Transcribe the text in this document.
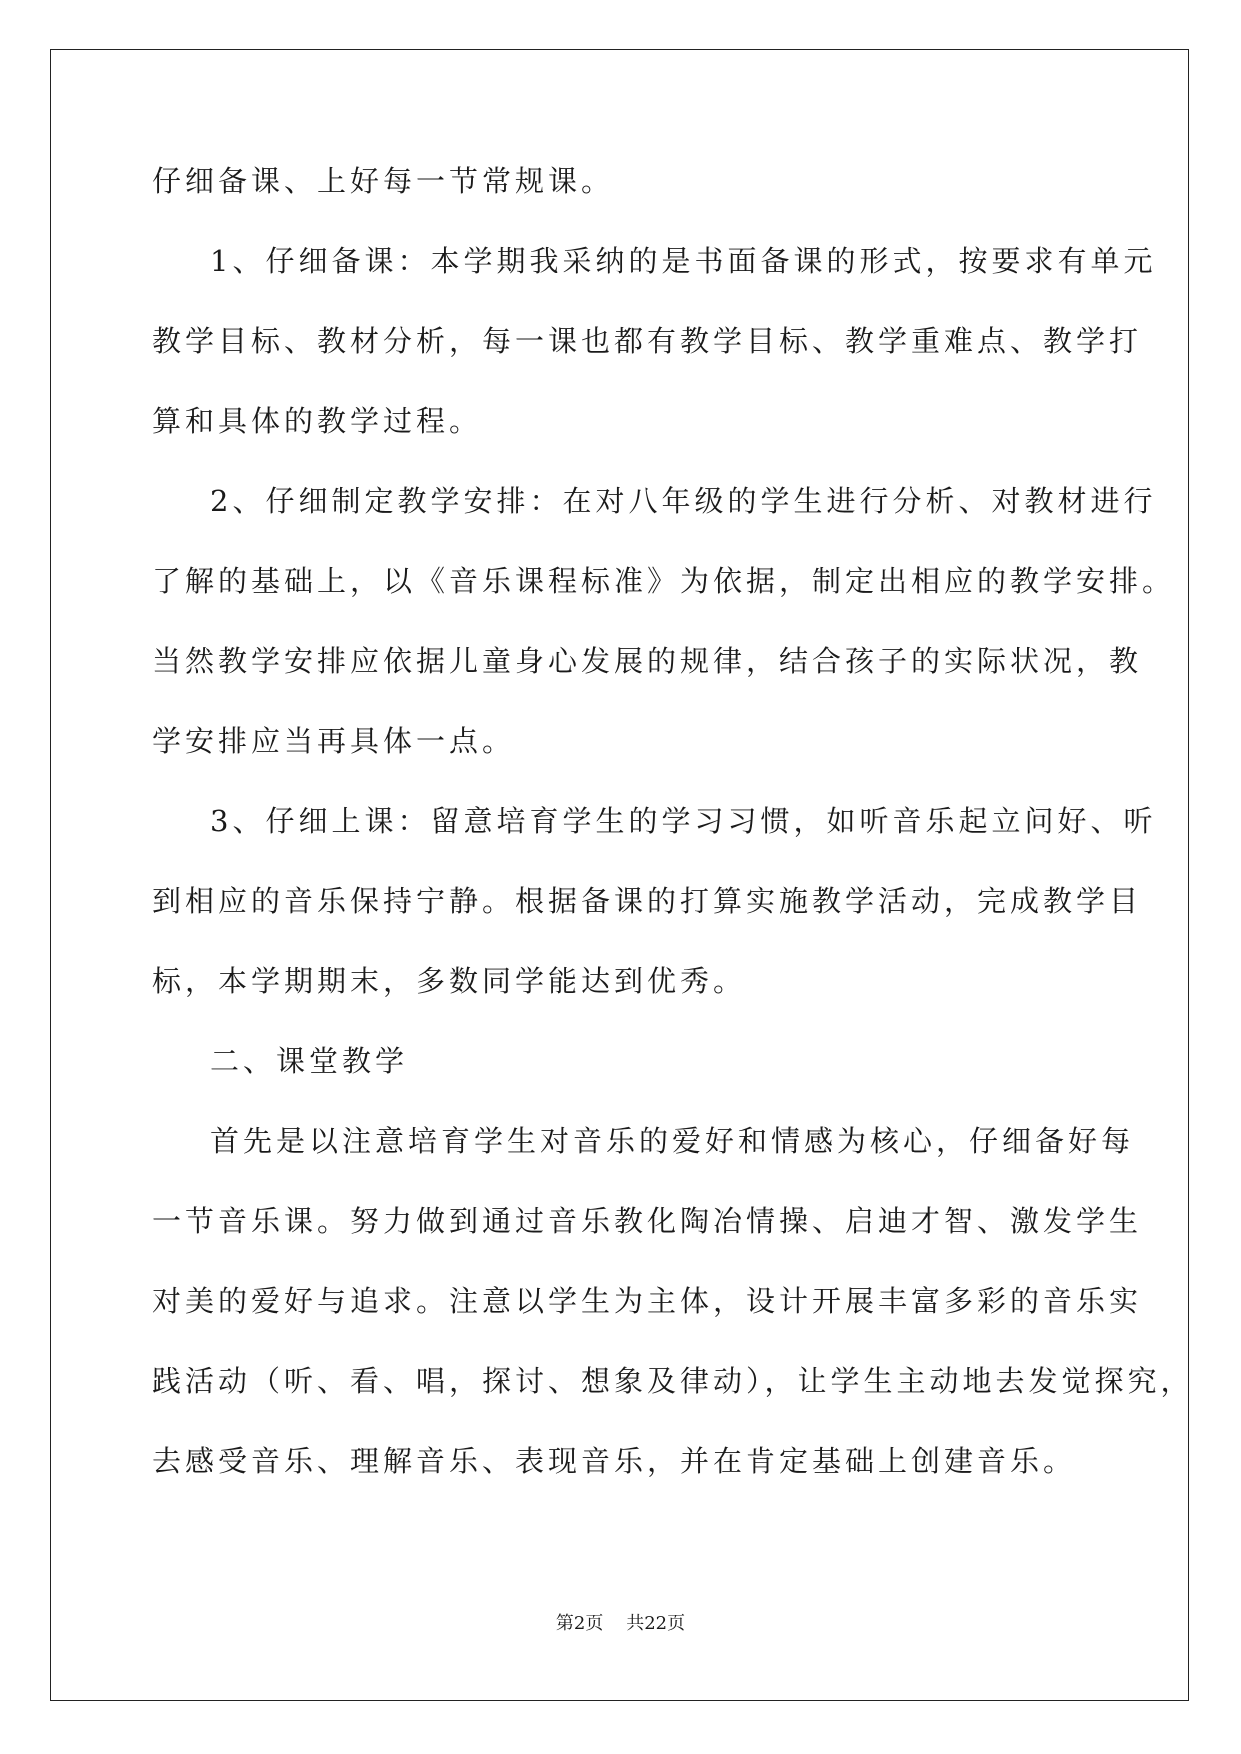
仔细备课、上好每一节常规课。
1、仔细备课：本学期我采纳的是书面备课的形式，按要求有单元
教学目标、教材分析，每一课也都有教学目标、教学重难点、教学打
算和具体的教学过程。
2、仔细制定教学安排：在对八年级的学生进行分析、对教材进行
了解的基础上，以《音乐课程标准》为依据，制定出相应的教学安排。
当然教学安排应依据儿童身心发展的规律，结合孩子的实际状况，教
学安排应当再具体一点。
3、仔细上课：留意培育学生的学习习惯，如听音乐起立问好、听
到相应的音乐保持宁静。根据备课的打算实施教学活动，完成教学目
标，本学期期末，多数同学能达到优秀。
二、课堂教学
首先是以注意培育学生对音乐的爱好和情感为核心，仔细备好每
一节音乐课。努力做到通过音乐教化陶冶情操、启迪才智、激发学生
对美的爱好与追求。注意以学生为主体，设计开展丰富多彩的音乐实
践活动（听、看、唱，探讨、想象及律动），让学生主动地去发觉探究，
去感受音乐、理解音乐、表现音乐，并在肯定基础上创建音乐。
第2页 共22页
